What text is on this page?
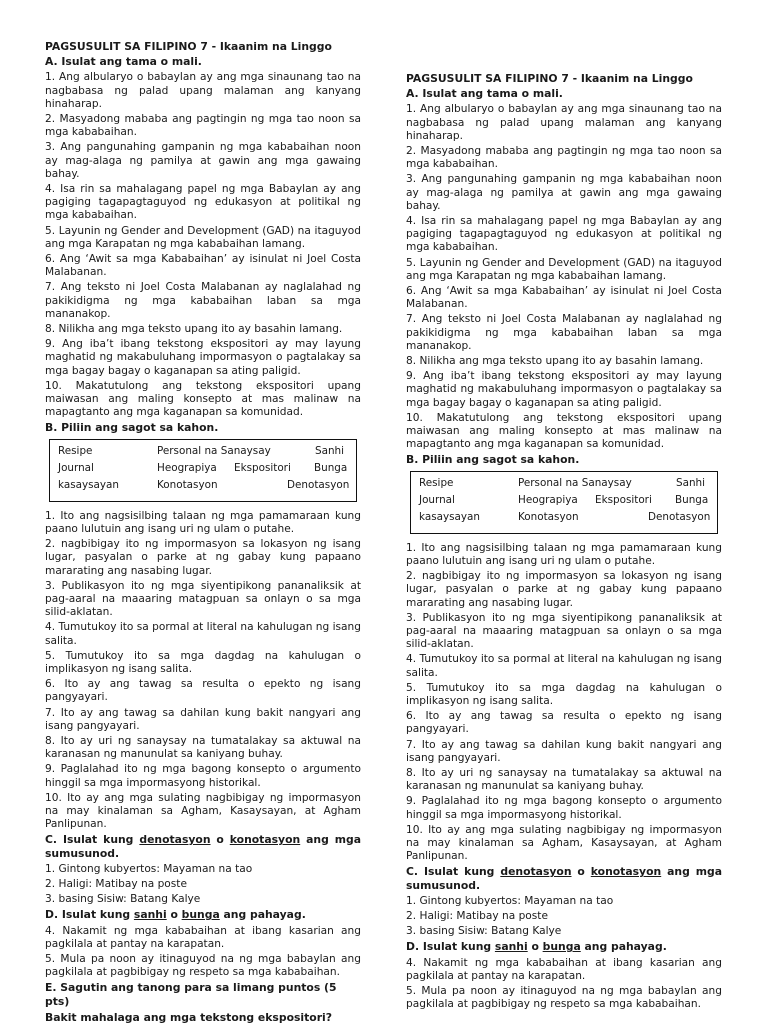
PAGSUSULIT SA FILIPINO 7 - Ikaanim na Linggo
A. Isulat ang tama o mali.
1. Ang albularyo o babaylan ay ang mga sinaunang tao na nagbabasa ng palad upang malaman ang kanyang hinaharap.
2. Masyadong mababa ang pagtingin ng mga tao noon sa mga kababaihan.
3. Ang pangunahing gampanin ng mga kababaihan noon ay mag-alaga ng pamilya at gawin ang mga gawaing bahay.
4. Isa rin sa mahalagang papel ng mga Babaylan ay ang pagiging tagapagtaguyod ng edukasyon at politikal ng mga kababaihan.
5. Layunin ng Gender and Development (GAD) na itaguyod ang mga Karapatan ng mga kababaihan lamang.
6. Ang ‘Awit sa mga Kababaihan’ ay isinulat ni Joel Costa Malabanan.
7. Ang teksto ni Joel Costa Malabanan ay naglalahad ng pakikidigma ng mga kababaihan laban sa mga mananakop.
8. Nilikha ang mga teksto upang ito ay basahin lamang.
9. Ang iba’t ibang tekstong ekspositori ay may layung maghatid ng makabuluhang impormasyon o pagtalakay sa mga bagay bagay o kaganapan sa ating paligid.
10. Makatutulong ang tekstong ekspositori upang maiwasan ang maling konsepto at mas malinaw na mapagtanto ang mga kaganapan sa komunidad.
B. Piliin ang sagot sa kahon.
Resipe	Personal na Sanaysay	Sanhi
Journal	Heograpiya Ekspositori Bunga
kasaysayan	Konotasyon	Denotasyon
1. Ito ang nagsisilbing talaan ng mga pamamaraan kung paano lulutuin ang isang uri ng ulam o putahe.
2. nagbibigay ito ng impormasyon sa lokasyon ng isang lugar, pasyalan o parke at ng gabay kung papaano mararating ang nasabing lugar.
3. Publikasyon ito ng mga siyentipikong pananaliksik at pag-aaral na maaaring matagpuan sa onlayn o sa mga silid-aklatan.
4. Tumutukoy ito sa pormal at literal na kahulugan ng isang salita.
5. Tumutukoy ito sa mga dagdag na kahulugan o implikasyon ng isang salita.
6. Ito ay ang tawag sa resulta o epekto ng isang pangyayari.
7. Ito ay ang tawag sa dahilan kung bakit nangyari ang isang pangyayari.
8. Ito ay uri ng sanaysay na tumatalakay sa aktuwal na karanasan ng manunulat sa kaniyang buhay.
9. Paglalahad ito ng mga bagong konsepto o argumento hinggil sa mga impormasyong historikal.
10. Ito ay ang mga sulating nagbibigay ng impormasyon na may kinalaman sa Agham, Kasaysayan, at Agham Panlipunan.
C. Isulat kung denotasyon o konotasyon ang mga sumusunod.
1. Gintong kubyertos: Mayaman na tao
2. Haligi: Matibay na poste
3. basing Sisiw: Batang Kalye
D. Isulat kung sanhi o bunga ang pahayag.
4. Nakamit ng mga kababaihan at ibang kasarian ang pagkilala at pantay na karapatan.
5. Mula pa noon ay itinaguyod na ng mga babaylan ang pagkilala at pagbibigay ng respeto sa mga kababaihan.
E. Sagutin ang tanong para sa limang puntos (5 pts)
Bakit mahalaga ang mga tekstong ekspositori?
PAGSUSULIT SA FILIPINO 7 - Ikaanim na Linggo
A. Isulat ang tama o mali.
1. Ang albularyo o babaylan ay ang mga sinaunang tao na nagbabasa ng palad upang malaman ang kanyang hinaharap.
2. Masyadong mababa ang pagtingin ng mga tao noon sa mga kababaihan.
3. Ang pangunahing gampanin ng mga kababaihan noon ay mag-alaga ng pamilya at gawin ang mga gawaing bahay.
4. Isa rin sa mahalagang papel ng mga Babaylan ay ang pagiging tagapagtaguyod ng edukasyon at politikal ng mga kababaihan.
5. Layunin ng Gender and Development (GAD) na itaguyod ang mga Karapatan ng mga kababaihan lamang.
6. Ang ‘Awit sa mga Kababaihan’ ay isinulat ni Joel Costa Malabanan.
7. Ang teksto ni Joel Costa Malabanan ay naglalahad ng pakikidigma ng mga kababaihan laban sa mga mananakop.
8. Nilikha ang mga teksto upang ito ay basahin lamang.
9. Ang iba’t ibang tekstong ekspositori ay may layung maghatid ng makabuluhang impormasyon o pagtalakay sa mga bagay bagay o kaganapan sa ating paligid.
10. Makatutulong ang tekstong ekspositori upang maiwasan ang maling konsepto at mas malinaw na mapagtanto ang mga kaganapan sa komunidad.
B. Piliin ang sagot sa kahon.
Resipe	Personal na Sanaysay	Sanhi
Journal	Heograpiya Ekspositori Bunga
kasaysayan	Konotasyon	Denotasyon
1. Ito ang nagsisilbing talaan ng mga pamamaraan kung paano lulutuin ang isang uri ng ulam o putahe.
2. nagbibigay ito ng impormasyon sa lokasyon ng isang lugar, pasyalan o parke at ng gabay kung papaano mararating ang nasabing lugar.
3. Publikasyon ito ng mga siyentipikong pananaliksik at pag-aaral na maaaring matagpuan sa onlayn o sa mga silid-aklatan.
4. Tumutukoy ito sa pormal at literal na kahulugan ng isang salita.
5. Tumutukoy ito sa mga dagdag na kahulugan o implikasyon ng isang salita.
6. Ito ay ang tawag sa resulta o epekto ng isang pangyayari.
7. Ito ay ang tawag sa dahilan kung bakit nangyari ang isang pangyayari.
8. Ito ay uri ng sanaysay na tumatalakay sa aktuwal na karanasan ng manunulat sa kaniyang buhay.
9. Paglalahad ito ng mga bagong konsepto o argumento hinggil sa mga impormasyong historikal.
10. Ito ay ang mga sulating nagbibigay ng impormasyon na may kinalaman sa Agham, Kasaysayan, at Agham Panlipunan.
C. Isulat kung denotasyon o konotasyon ang mga sumusunod.
1. Gintong kubyertos: Mayaman na tao
2. Haligi: Matibay na poste
3. basing Sisiw: Batang Kalye
D. Isulat kung sanhi o bunga ang pahayag.
4. Nakamit ng mga kababaihan at ibang kasarian ang pagkilala at pantay na karapatan.
5. Mula pa noon ay itinaguyod na ng mga babaylan ang pagkilala at pagbibigay ng respeto sa mga kababaihan.
